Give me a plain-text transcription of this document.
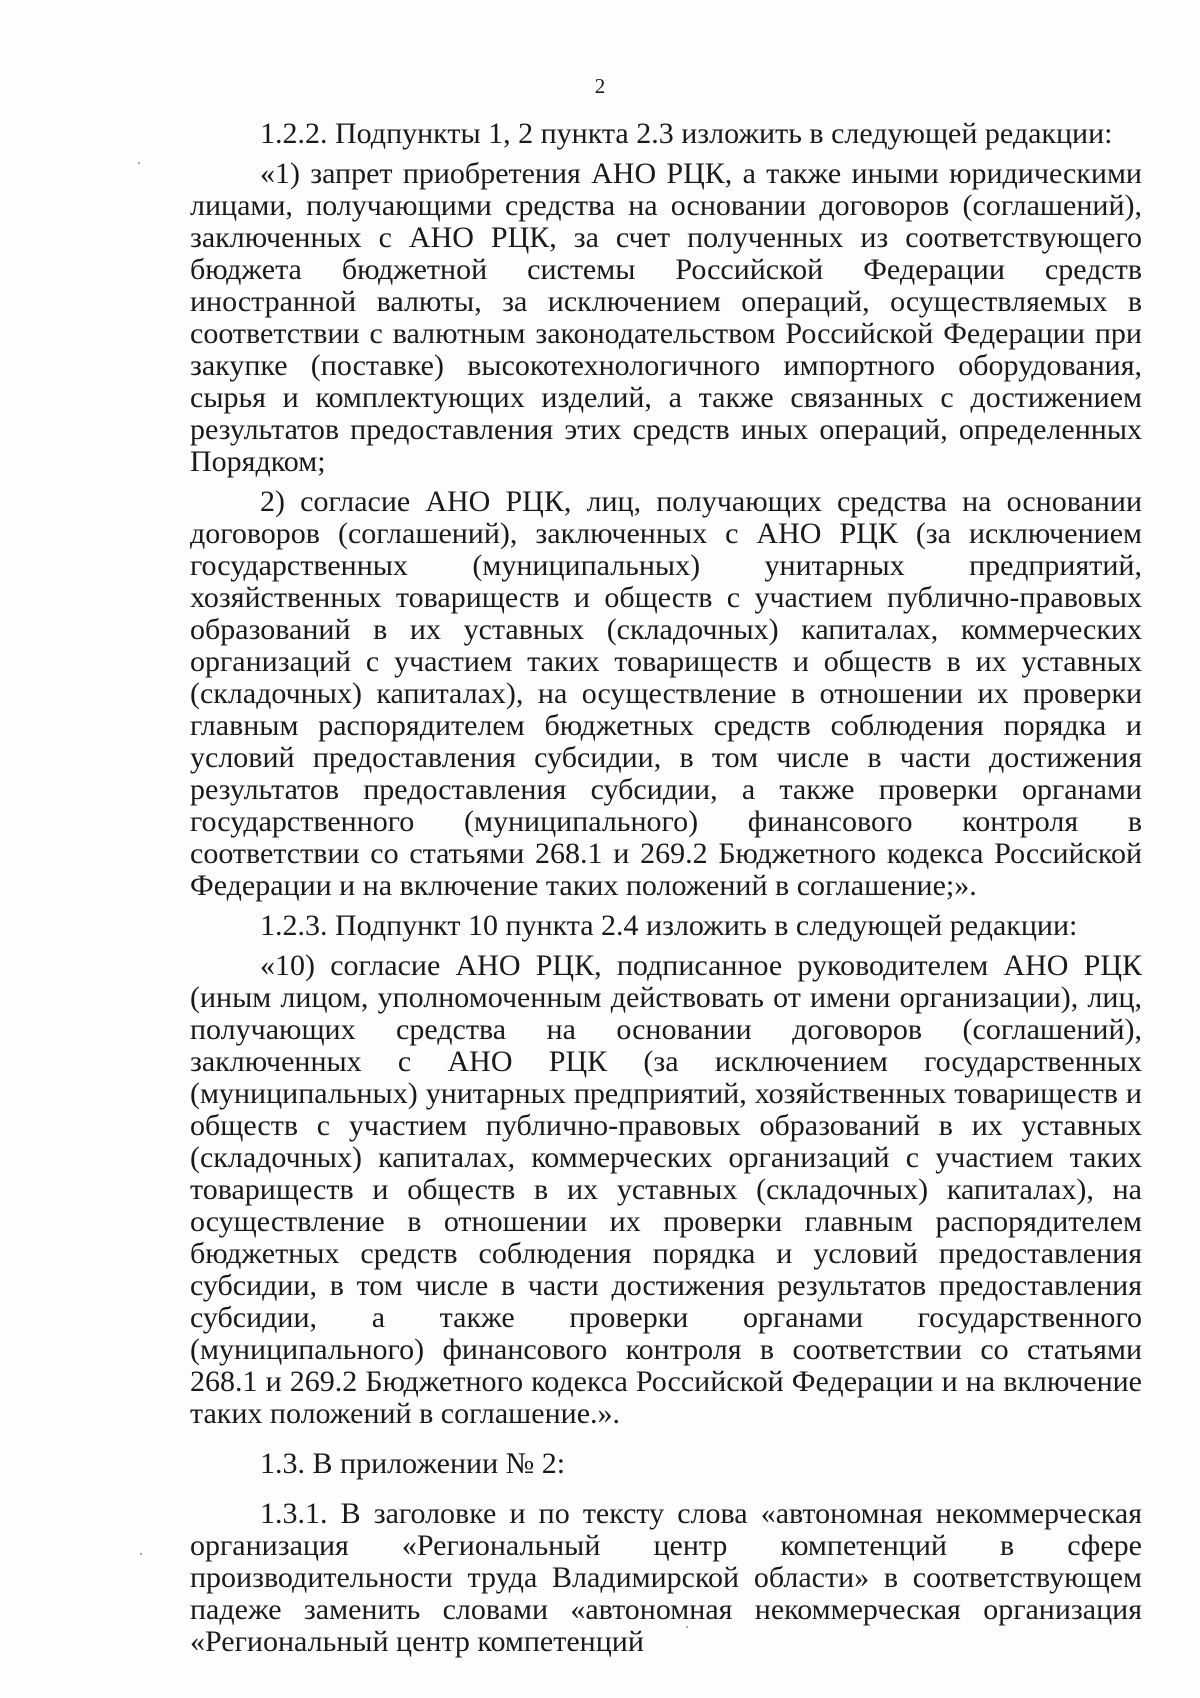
2

1.2.2. Подпункты 1, 2 пункта 2.3 изложить в следующей редакции:

«1) запрет приобретения АНО РЦК, а также иными юридическими лицами, получающими средства на основании договоров (соглашений), заключенных с АНО РЦК, за счет полученных из соответствующего бюджета бюджетной системы Российской Федерации средств иностранной валюты, за исключением операций, осуществляемых в соответствии с валютным законодательством Российской Федерации при закупке (поставке) высокотехнологичного импортного оборудования, сырья и комплектующих изделий, а также связанных с достижением результатов предоставления этих средств иных операций, определенных Порядком;

2) согласие АНО РЦК, лиц, получающих средства на основании договоров (соглашений), заключенных с АНО РЦК (за исключением государственных (муниципальных) унитарных предприятий, хозяйственных товариществ и обществ с участием публично-правовых образований в их уставных (складочных) капиталах, коммерческих организаций с участием таких товариществ и обществ в их уставных (складочных) капиталах), на осуществление в отношении их проверки главным распорядителем бюджетных средств соблюдения порядка и условий предоставления субсидии, в том числе в части достижения результатов предоставления субсидии, а также проверки органами государственного (муниципального) финансового контроля в соответствии со статьями 268.1 и 269.2 Бюджетного кодекса Российской Федерации и на включение таких положений в соглашение;».

1.2.3. Подпункт 10 пункта 2.4 изложить в следующей редакции:

«10) согласие АНО РЦК, подписанное руководителем АНО РЦК (иным лицом, уполномоченным действовать от имени организации), лиц, получающих средства на основании договоров (соглашений), заключенных с АНО РЦК (за исключением государственных (муниципальных) унитарных предприятий, хозяйственных товариществ и обществ с участием публично-правовых образований в их уставных (складочных) капиталах, коммерческих организаций с участием таких товариществ и обществ в их уставных (складочных) капиталах), на осуществление в отношении их проверки главным распорядителем бюджетных средств соблюдения порядка и условий предоставления субсидии, в том числе в части достижения результатов предоставления субсидии, а также проверки органами государственного (муниципального) финансового контроля в соответствии со статьями 268.1 и 269.2 Бюджетного кодекса Российской Федерации и на включение таких положений в соглашение.».

1.3. В приложении № 2:

1.3.1. В заголовке и по тексту слова «автономная некоммерческая организация «Региональный центр компетенций в сфере производительности труда Владимирской области» в соответствующем падеже заменить словами «автономная некоммерческая организация «Региональный центр компетенций
